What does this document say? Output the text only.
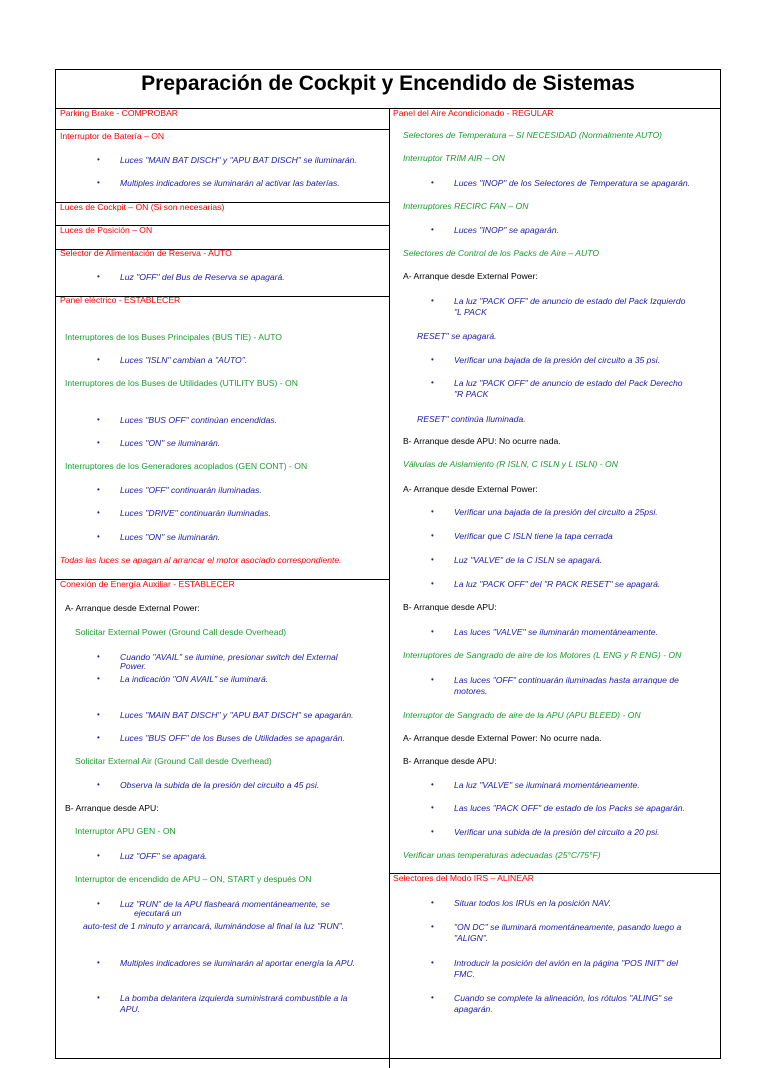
Preparación de Cockpit y Encendido de Sistemas
Parking Brake - COMPROBAR
Interruptor de Batería – ON
Luces "MAIN BAT DISCH" y "APU BAT DISCH" se iluminarán.
•
Multiples indicadores se iluminarán al activar las baterías.
•
Luces de Cockpit – ON (Si son necesarias)
Luces de Posición – ON
Selector de Alimentación de Reserva - AUTO
Luz "OFF" del Bus de Reserva se apagará.
•
Panel eléctrico - ESTABLECER
Interruptores de los Buses Principales (BUS TIE) - AUTO
Luces "ISLN" cambian a "AUTO".
•
Interruptores de los Buses de Utilidades (UTILITY BUS) - ON
Luces "BUS OFF" continúan encendidas.
•
Luces "ON" se iluminarán.
•
Interruptores de los Generadores acoplados (GEN CONT) - ON
Luces "OFF" continuarán iluminadas.
•
Luces "DRIVE" continuarán iluminadas.
•
Luces "ON" se iluminarán.
•
Todas las luces se apagan al arrancar el motor asociado correspondiente.
Conexión de Energía Auxiliar - ESTABLECER
A- Arranque desde External Power:
Solicitar External Power (Ground Call desde Overhead)
Cuando "AVAIL" se ilumine, presionar switch del External
•
Power.
La indicación "ON AVAIL" se iluminará.
•
Luces "MAIN BAT DISCH" y "APU BAT DISCH" se apagarán.
•
Luces "BUS OFF" de los Buses de Utilidades se apagarán.
•
Solicitar External Air (Ground Call desde Overhead)
Observa la subida de la presión del circuito a 45 psi.
•
B- Arranque desde APU:
Interruptor APU GEN - ON
Luz "OFF" se apagará.
•
Interruptor de encendido de APU – ON, START y después ON
Luz "RUN" de la APU flasheará momentáneamente, se
•
ejecutará un
auto-test de 1 minuto y arrancará, iluminándose al final la luz "RUN".
Multiples indicadores se iluminarán al aportar energía la APU.
•
La bomba delantera izquierda suministrará combustible a la
•
APU.
Panel del Aire Acondicionado - REGULAR
Selectores de Temperatura – SI NECESIDAD (Normalmente AUTO)
Interruptor TRIM AIR – ON
Luces "INOP" de los Selectores de Temperatura se apagarán.
•
Interruptores RECIRC FAN – ON
Luces "INOP" se apagarán.
•
Selectores de Control de los Packs de Aire – AUTO
A- Arranque desde External Power:
La luz "PACK OFF" de anuncio de estado del Pack Izquierdo
•
"L PACK
RESET" se apagará.
Verificar una bajada de la presión del circuito a 35 psi.
•
La luz "PACK OFF" de anuncio de estado del Pack Derecho
•
"R PACK
RESET" continúa Iluminada.
B- Arranque desde APU: No ocurre nada.
Válvulas de Aislamiento (R ISLN, C ISLN y L ISLN) - ON
A- Arranque desde External Power:
Verificar una bajada de la presión del circuito a 25psi.
•
Verificar que C ISLN tiene la tapa cerrada
•
Luz "VALVE" de la C ISLN se apagará.
•
La luz "PACK OFF" del "R PACK RESET" se apagará.
•
B- Arranque desde APU:
Las luces "VALVE" se iluminarán momentáneamente.
•
Interruptores de Sangrado de aire de los Motores (L ENG y R ENG) - ON
Las luces "OFF" continuarán iluminadas hasta arranque de
•
motores.
Interruptor de Sangrado de aire de la APU (APU BLEED) - ON
A- Arranque desde External Power: No ocurre nada.
B- Arranque desde APU:
La luz "VALVE" se iluminará momentáneamente.
•
Las luces "PACK OFF" de estado de los Packs se apagarán.
•
Verificar una subida de la presión del circuito a 20 psi.
•
Verificar unas temperaturas adecuadas (25°C/75°F)
Selectores del Modo IRS – ALINEAR
Situar todos los IRUs en la posición NAV.
•
"ON DC" se iluminará momentáneamente, pasando luego a
•
"ALIGN".
Introducir la posición del avión en la página "POS INIT" del
•
FMC.
Cuando se complete la alineación, los rótulos "ALING" se
•
apagarán.
